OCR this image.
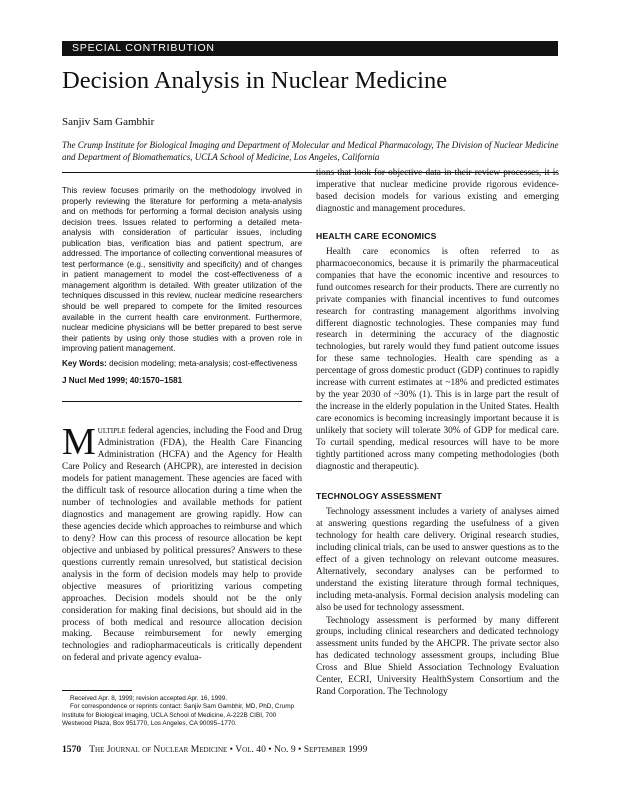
SPECIAL CONTRIBUTION
Decision Analysis in Nuclear Medicine
Sanjiv Sam Gambhir
The Crump Institute for Biological Imaging and Department of Molecular and Medical Pharmacology, The Division of Nuclear Medicine and Department of Biomathematics, UCLA School of Medicine, Los Angeles, California

This review focuses primarily on the methodology involved in properly reviewing the literature for performing a meta-analysis and on methods for performing a formal decision analysis using decision trees. Issues related to performing a detailed meta-analysis with consideration of particular issues, including publication bias, verification bias and patient spectrum, are addressed. The importance of collecting conventional measures of test performance (e.g., sensitivity and specificity) and of changes in patient management to model the cost-effectiveness of a management algorithm is detailed. With greater utilization of the techniques discussed in this review, nuclear medicine researchers should be well prepared to compete for the limited resources available in the current health care environment. Furthermore, nuclear medicine physicians will be better prepared to best serve their patients by using only those studies with a proven role in improving patient management.

Key Words: decision modeling; meta-analysis; cost-effectiveness

J Nucl Med 1999; 40:1570–1581

Multiple federal agencies, including the Food and Drug Administration (FDA), the Health Care Financing Administration (HCFA) and the Agency for Health Care Policy and Research (AHCPR), are interested in decision models for patient management. These agencies are faced with the difficult task of resource allocation during a time when the number of technologies and available methods for patient diagnostics and management are growing rapidly. How can these agencies decide which approaches to reimburse and which to deny? How can this process of resource allocation be kept objective and unbiased by political pressures? Answers to these questions currently remain unresolved, but statistical decision analysis in the form of decision models may help to provide objective measures of prioritizing various competing approaches. Decision models should not be the only consideration for making final decisions, but should aid in the process of both medical and resource allocation decision making. Because reimbursement for newly emerging technologies and radiopharmaceuticals is critically dependent on federal and private agency evalua-

tions that look for objective data in their review processes, it is imperative that nuclear medicine provide rigorous evidence-based decision models for various existing and emerging diagnostic and management procedures.

HEALTH CARE ECONOMICS

Health care economics is often referred to as pharmacoeconomics, because it is primarily the pharmaceutical companies that have the economic incentive and resources to fund outcomes research for their products. There are currently no private companies with financial incentives to fund outcomes research for contrasting management algorithms involving different diagnostic technologies. These companies may fund research in determining the accuracy of the diagnostic technologies, but rarely would they fund patient outcome issues for these same technologies. Health care spending as a percentage of gross domestic product (GDP) continues to rapidly increase with current estimates at ~18% and predicted estimates by the year 2030 of ~30% (1). This is in large part the result of the increase in the elderly population in the United States. Health care economics is becoming increasingly important because it is unlikely that society will tolerate 30% of GDP for medical care. To curtail spending, medical resources will have to be more tightly partitioned across many competing methodologies (both diagnostic and therapeutic).

TECHNOLOGY ASSESSMENT

Technology assessment includes a variety of analyses aimed at answering questions regarding the usefulness of a given technology for health care delivery. Original research studies, including clinical trials, can be used to answer questions as to the effect of a given technology on relevant outcome measures. Alternatively, secondary analyses can be performed to understand the existing literature through formal techniques, including meta-analysis. Formal decision analysis modeling can also be used for technology assessment.

Technology assessment is performed by many different groups, including clinical researchers and dedicated technology assessment units funded by the AHCPR. The private sector also has dedicated technology assessment groups, including Blue Cross and Blue Shield Association Technology Evaluation Center, ECRI, University HealthSystem Consortium and the Rand Corporation. The Technology

Received Apr. 8, 1999; revision accepted Apr. 16, 1999.

For correspondence or reprints contact: Sanjiv Sam Gambhir, MD, PhD, Crump Institute for Biological Imaging, UCLA School of Medicine, A-222B CIBI, 700 Westwood Plaza, Box 951770, Los Angeles, CA 90095–1770.

1570 The Journal of Nuclear Medicine • Vol. 40 • No. 9 • September 1999
